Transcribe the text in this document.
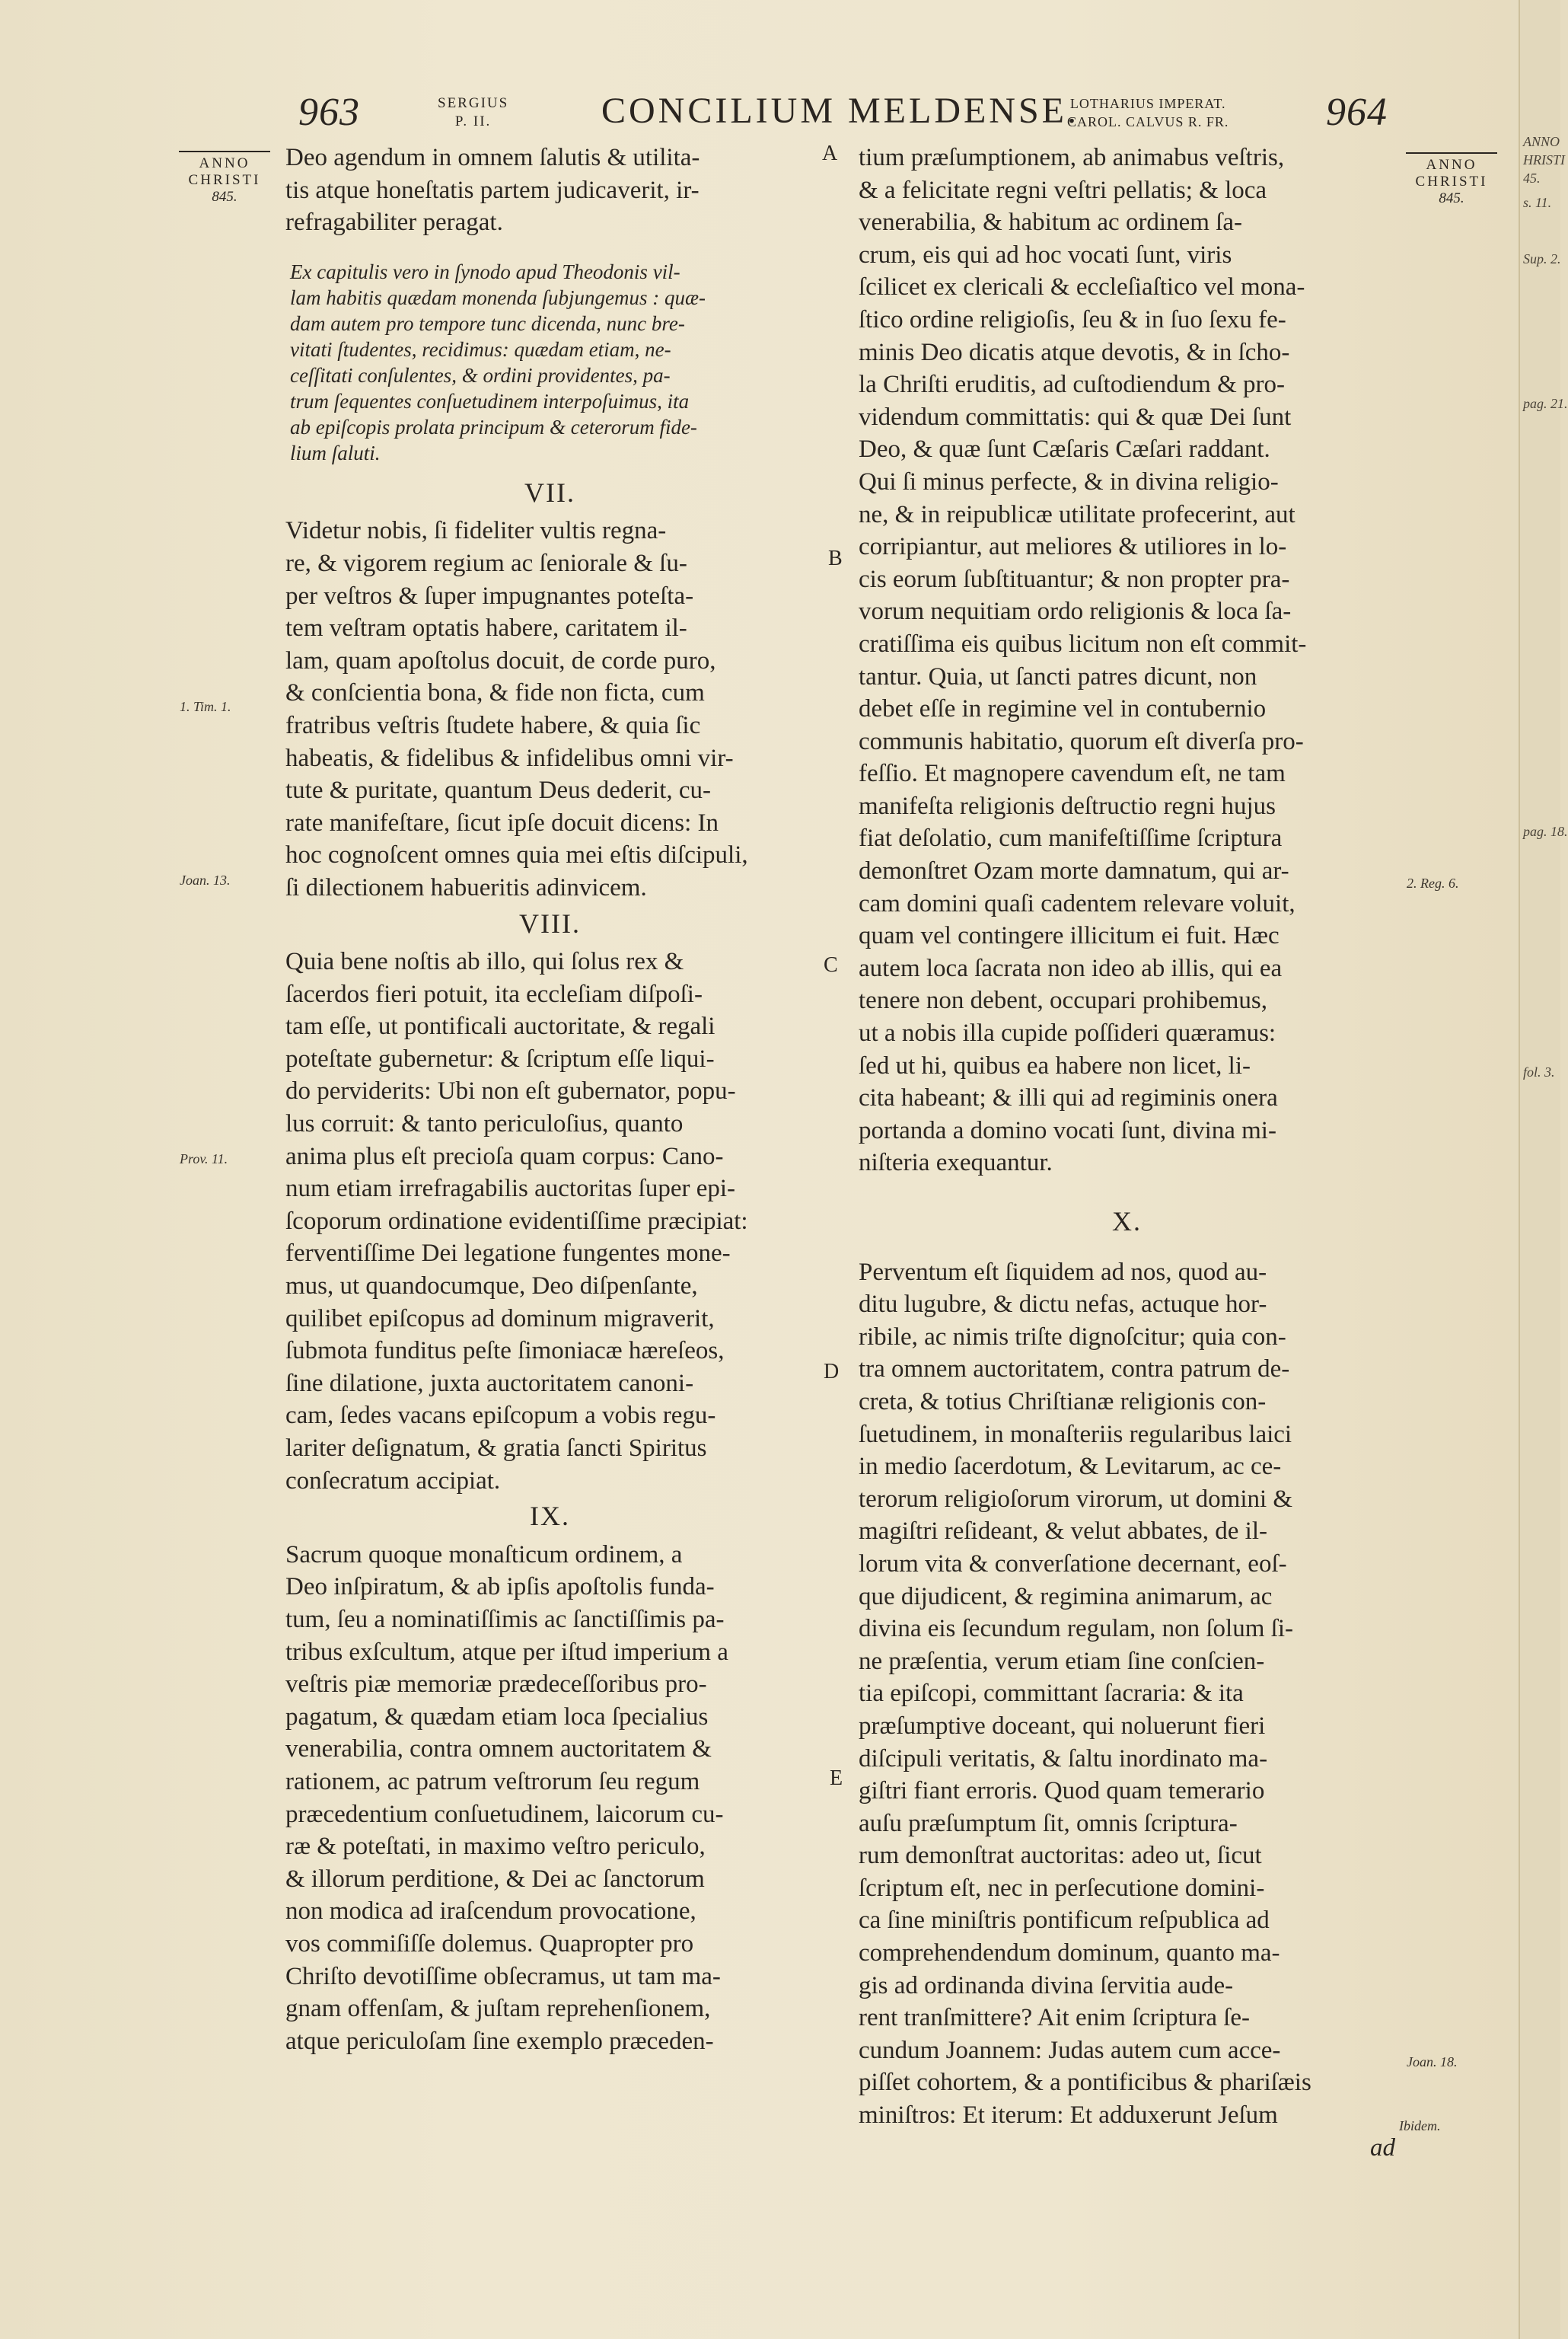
963	SERGIUS
P. II.	CONCILIUM MELDENSE.
LOTHARIUS IMPERAT.
CAROL. CALVUS R. FR. 964
ANNO
CHRISTI
845.
ANNO
CHRISTI
845.
A
B
C
D
E
1. Tim. 1.
Joan. 13.
Prov. 11.
2. Reg. 6.
Joan. 18.
Ibidem.
Deo agendum in omnem ſalutis & utilita-
tis atque honeſtatis partem judicaverit, ir-
refragabiliter peragat.
Ex capitulis vero in ſynodo apud Theodonis vil-
lam habitis quædam monenda ſubjungemus : quæ-
dam autem pro tempore tunc dicenda, nunc bre-
vitati ſtudentes, recidimus: quædam etiam, ne-
ceſſitati conſulentes, & ordini providentes, pa-
trum ſequentes conſuetudinem interpoſuimus, ita
ab epiſcopis prolata principum & ceterorum fide-
lium ſaluti.
VII.
Videtur nobis, ſi fideliter vultis regna-
re, & vigorem regium ac ſeniorale & ſu-
per veſtros & ſuper impugnantes poteſta-
tem veſtram optatis habere, caritatem il-
lam, quam apoſtolus docuit, de corde puro,
& conſcientia bona, & fide non ficta, cum
fratribus veſtris ſtudete habere, & quia ſic
habeatis, & fidelibus & infidelibus omni vir-
tute & puritate, quantum Deus dederit, cu-
rate manifeſtare, ſicut ipſe docuit dicens: In
hoc cognoſcent omnes quia mei eſtis diſcipuli,
ſi dilectionem habueritis adinvicem.
VIII.
Quia bene noſtis ab illo, qui ſolus rex &
ſacerdos fieri potuit, ita eccleſiam diſpoſi-
tam eſſe, ut pontificali auctoritate, & regali
poteſtate gubernetur: & ſcriptum eſſe liqui-
do perviderits: Ubi non eſt gubernator, popu-
lus corruit: & tanto periculoſius, quanto
anima plus eſt precioſa quam corpus: Cano-
num etiam irrefragabilis auctoritas ſuper epi-
ſcoporum ordinatione evidentiſſime præcipiat:
ferventiſſime Dei legatione fungentes mone-
mus, ut quandocumque, Deo diſpenſante,
quilibet epiſcopus ad dominum migraverit,
ſubmota funditus peſte ſimoniacæ hæreſeos,
ſine dilatione, juxta auctoritatem canoni-
cam, ſedes vacans epiſcopum a vobis regu-
lariter deſignatum, & gratia ſancti Spiritus
conſecratum accipiat.
IX.
Sacrum quoque monaſticum ordinem, a
Deo inſpiratum, & ab ipſis apoſtolis funda-
tum, ſeu a nominatiſſimis ac ſanctiſſimis pa-
tribus exſcultum, atque per iſtud imperium a
veſtris piæ memoriæ prædeceſſoribus pro-
pagatum, & quædam etiam loca ſpecialius
venerabilia, contra omnem auctoritatem &
rationem, ac patrum veſtrorum ſeu regum
præcedentium conſuetudinem, laicorum cu-
ræ & poteſtati, in maximo veſtro periculo,
& illorum perditione, & Dei ac ſanctorum
non modica ad iraſcendum provocatione,
vos commiſiſſe dolemus. Quapropter pro
Chriſto devotiſſime obſecramus, ut tam ma-
gnam offenſam, & juſtam reprehenſionem,
atque periculoſam ſine exemplo præceden-
tium præſumptionem, ab animabus veſtris,
& a felicitate regni veſtri pellatis; & loca
venerabilia, & habitum ac ordinem ſa-
crum, eis qui ad hoc vocati ſunt, viris
ſcilicet ex clericali & eccleſiaſtico vel mona-
ſtico ordine religioſis, ſeu & in ſuo ſexu fe-
minis Deo dicatis atque devotis, & in ſcho-
la Chriſti eruditis, ad cuſtodiendum & pro-
videndum committatis: qui & quæ Dei ſunt
Deo, & quæ ſunt Cæſaris Cæſari raddant.
Qui ſi minus perfecte, & in divina religio-
ne, & in reipublicæ utilitate profecerint, aut
corripiantur, aut meliores & utiliores in lo-
cis eorum ſubſtituantur; & non propter pra-
vorum nequitiam ordo religionis & loca ſa-
cratiſſima eis quibus licitum non eſt commit-
tantur. Quia, ut ſancti patres dicunt, non
debet eſſe in regimine vel in contubernio
communis habitatio, quorum eſt diverſa pro-
feſſio. Et magnopere cavendum eſt, ne tam
manifeſta religionis deſtructio regni hujus
fiat deſolatio, cum manifeſtiſſime ſcriptura
demonſtret Ozam morte damnatum, qui ar-
cam domini quaſi cadentem relevare voluit,
quam vel contingere illicitum ei fuit. Hæc
autem loca ſacrata non ideo ab illis, qui ea
tenere non debent, occupari prohibemus,
ut a nobis illa cupide poſſideri quæramus:
ſed ut hi, quibus ea habere non licet, li-
cita habeant; & illi qui ad regiminis onera
portanda a domino vocati ſunt, divina mi-
niſteria exequantur.
X.
Perventum eſt ſiquidem ad nos, quod au-
ditu lugubre, & dictu nefas, actuque hor-
ribile, ac nimis triſte dignoſcitur; quia con-
tra omnem auctoritatem, contra patrum de-
creta, & totius Chriſtianæ religionis con-
ſuetudinem, in monaſteriis regularibus laici
in medio ſacerdotum, & Levitarum, ac ce-
terorum religioſorum virorum, ut domini &
magiſtri reſideant, & velut abbates, de il-
lorum vita & converſatione decernant, eoſ-
que dijudicent, & regimina animarum, ac
divina eis ſecundum regulam, non ſolum ſi-
ne præſentia, verum etiam ſine conſcien-
tia epiſcopi, committant ſacraria: & ita
præſumptive doceant, qui noluerunt fieri
diſcipuli veritatis, & ſaltu inordinato ma-
giſtri fiant erroris. Quod quam temerario
auſu præſumptum ſit, omnis ſcriptura-
rum demonſtrat auctoritas: adeo ut, ſicut
ſcriptum eſt, nec in perſecutione domini-
ca ſine miniſtris pontificum reſpublica ad
comprehendendum dominum, quanto ma-
gis ad ordinanda divina ſervitia aude-
rent tranſmittere? Ait enim ſcriptura ſe-
cundum Joannem: Judas autem cum acce-
piſſet cohortem, & a pontificibus & phariſæis
miniſtros: Et iterum: Et adduxerunt Jeſum
ad
ANNO
HRISTI
45.
s. 11.
Sup. 2.
pag. 21.
pag. 18.
fol. 3.
